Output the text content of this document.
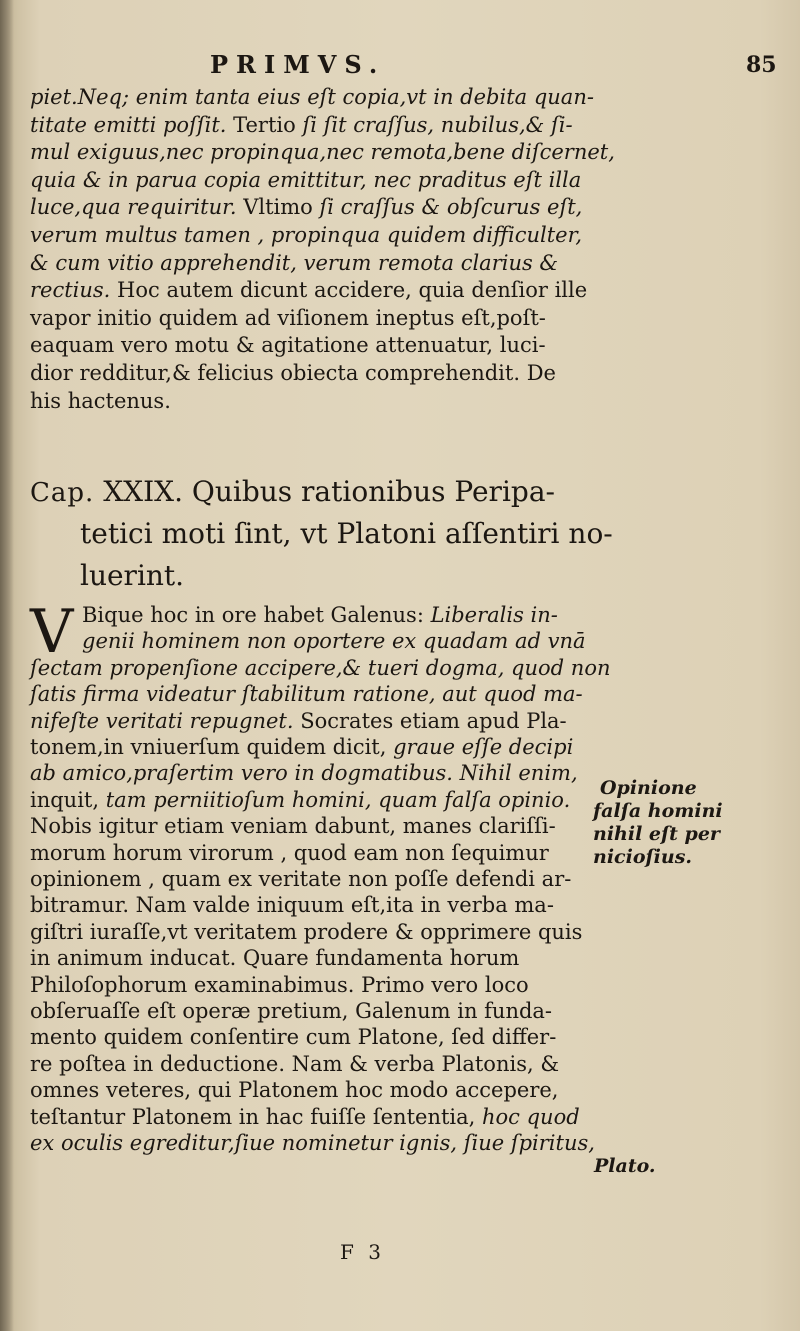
PRIMVS.	85
piet.Neq; enim tanta eius eſt copia,vt in debita quan-
titate emitti poſſit. Tertio ſi ſit craſſus, nubilus,& ſi-
mul exiguus,nec propinqua,nec remota,bene diſcernet,
quia & in parua copia emittitur, nec praditus eſt illa
luce,qua requiritur. Vltimo ſi craſſus & obſcurus eſt,
verum multus tamen , propinqua quidem difficulter,
& cum vitio apprehendit, verum remota clarius &
rectius. Hoc autem dicunt accidere, quia denſior ille
vapor initio quidem ad viſionem ineptus eſt,poſt-
eaquam vero motu & agitatione attenuatur, luci-
dior redditur,& felicius obiecta comprehendit. De
his hactenus.
Cap. XXIX. Quibus rationibus Peripa-
tetici moti ſint, vt Platoni aſſentiri no-
luerint.
V Bique hoc in ore habet Galenus: Liberalis in-
genii hominem non oportere ex quadam ad vnā
ſectam propenſione accipere,& tueri dogma, quod non
ſatis firma videatur ſtabilitum ratione, aut quod ma-
nifeſte veritati repugnet. Socrates etiam apud Pla-
tonem,in vniuerſum quidem dicit, graue eſſe decipi
ab amico,praſertim vero in dogmatibus. Nihil enim,
inquit, tam perniitioſum homini, quam falſa opinio.
Nobis igitur etiam veniam dabunt, manes clariſſi-
morum horum virorum , quod eam non ſequimur
opinionem , quam ex veritate non poſſe defendi ar-
bitramur. Nam valde iniquum eſt,ita in verba ma-
giſtri iuraſſe,vt veritatem prodere & opprimere quis
in animum inducat. Quare fundamenta horum
Philoſophorum examinabimus. Primo vero loco
obſeruaſſe eſt operæ pretium, Galenum in funda-
mento quidem conſentire cum Platone, ſed differ-
re poſtea in deductione. Nam & verba Platonis, &
omnes veteres, qui Platonem hoc modo accepere,
teſtantur Platonem in hac fuiſſe ſententia, hoc quod
ex oculis egreditur,ſiue nominetur ignis, ſiue ſpiritus,
Opinione
falſa homini
nihil eſt per
nicioſius.
Plato.
F 3
